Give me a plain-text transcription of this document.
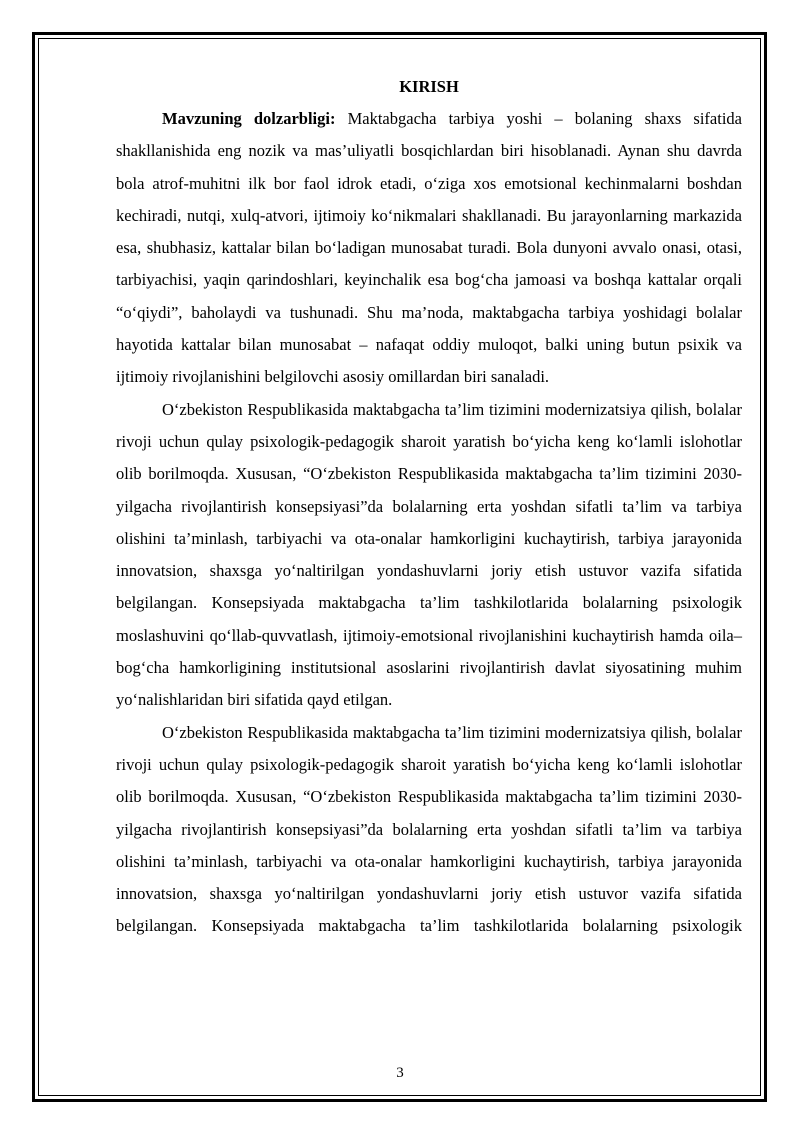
KIRISH

Mavzuning dolzarbligi: Maktabgacha tarbiya yoshi – bolaning shaxs sifatida shakllanishida eng nozik va mas’uliyatli bosqichlardan biri hisoblanadi. Aynan shu davrda bola atrof-muhitni ilk bor faol idrok etadi, o‘ziga xos emotsional kechinmalarni boshdan kechiradi, nutqi, xulq-atvori, ijtimoiy ko‘nikmalari shakllanadi. Bu jarayonlarning markazida esa, shubhasiz, kattalar bilan bo‘ladigan munosabat turadi. Bola dunyoni avvalo onasi, otasi, tarbiyachisi, yaqin qarindoshlari, keyinchalik esa bog‘cha jamoasi va boshqa kattalar orqali “o‘qiydi”, baholaydi va tushunadi. Shu ma’noda, maktabgacha tarbiya yoshidagi bolalar hayotida kattalar bilan munosabat – nafaqat oddiy muloqot, balki uning butun psixik va ijtimoiy rivojlanishini belgilovchi asosiy omillardan biri sanaladi.

O‘zbekiston Respublikasida maktabgacha ta’lim tizimini modernizatsiya qilish, bolalar rivoji uchun qulay psixologik-pedagogik sharoit yaratish bo‘yicha keng ko‘lamli islohotlar olib borilmoqda. Xususan, “O‘zbekiston Respublikasida maktabgacha ta’lim tizimini 2030-yilgacha rivojlantirish konsepsiyasi”da bolalarning erta yoshdan sifatli ta’lim va tarbiya olishini ta’minlash, tarbiyachi va ota-onalar hamkorligini kuchaytirish, tarbiya jarayonida innovatsion, shaxsga yo‘naltirilgan yondashuvlarni joriy etish ustuvor vazifa sifatida belgilangan. Konsepsiyada maktabgacha ta’lim tashkilotlarida bolalarning psixologik moslashuvini qo‘llab-quvvatlash, ijtimoiy-emotsional rivojlanishini kuchaytirish hamda oila–bog‘cha hamkorligining institutsional asoslarini rivojlantirish davlat siyosatining muhim yo‘nalishlaridan biri sifatida qayd etilgan.

O‘zbekiston Respublikasida maktabgacha ta’lim tizimini modernizatsiya qilish, bolalar rivoji uchun qulay psixologik-pedagogik sharoit yaratish bo‘yicha keng ko‘lamli islohotlar olib borilmoqda. Xususan, “O‘zbekiston Respublikasida maktabgacha ta’lim tizimini 2030-yilgacha rivojlantirish konsepsiyasi”da bolalarning erta yoshdan sifatli ta’lim va tarbiya olishini ta’minlash, tarbiyachi va ota-onalar hamkorligini kuchaytirish, tarbiya jarayonida innovatsion, shaxsga yo‘naltirilgan yondashuvlarni joriy etish ustuvor vazifa sifatida belgilangan. Konsepsiyada maktabgacha ta’lim tashkilotlarida bolalarning psixologik

3
